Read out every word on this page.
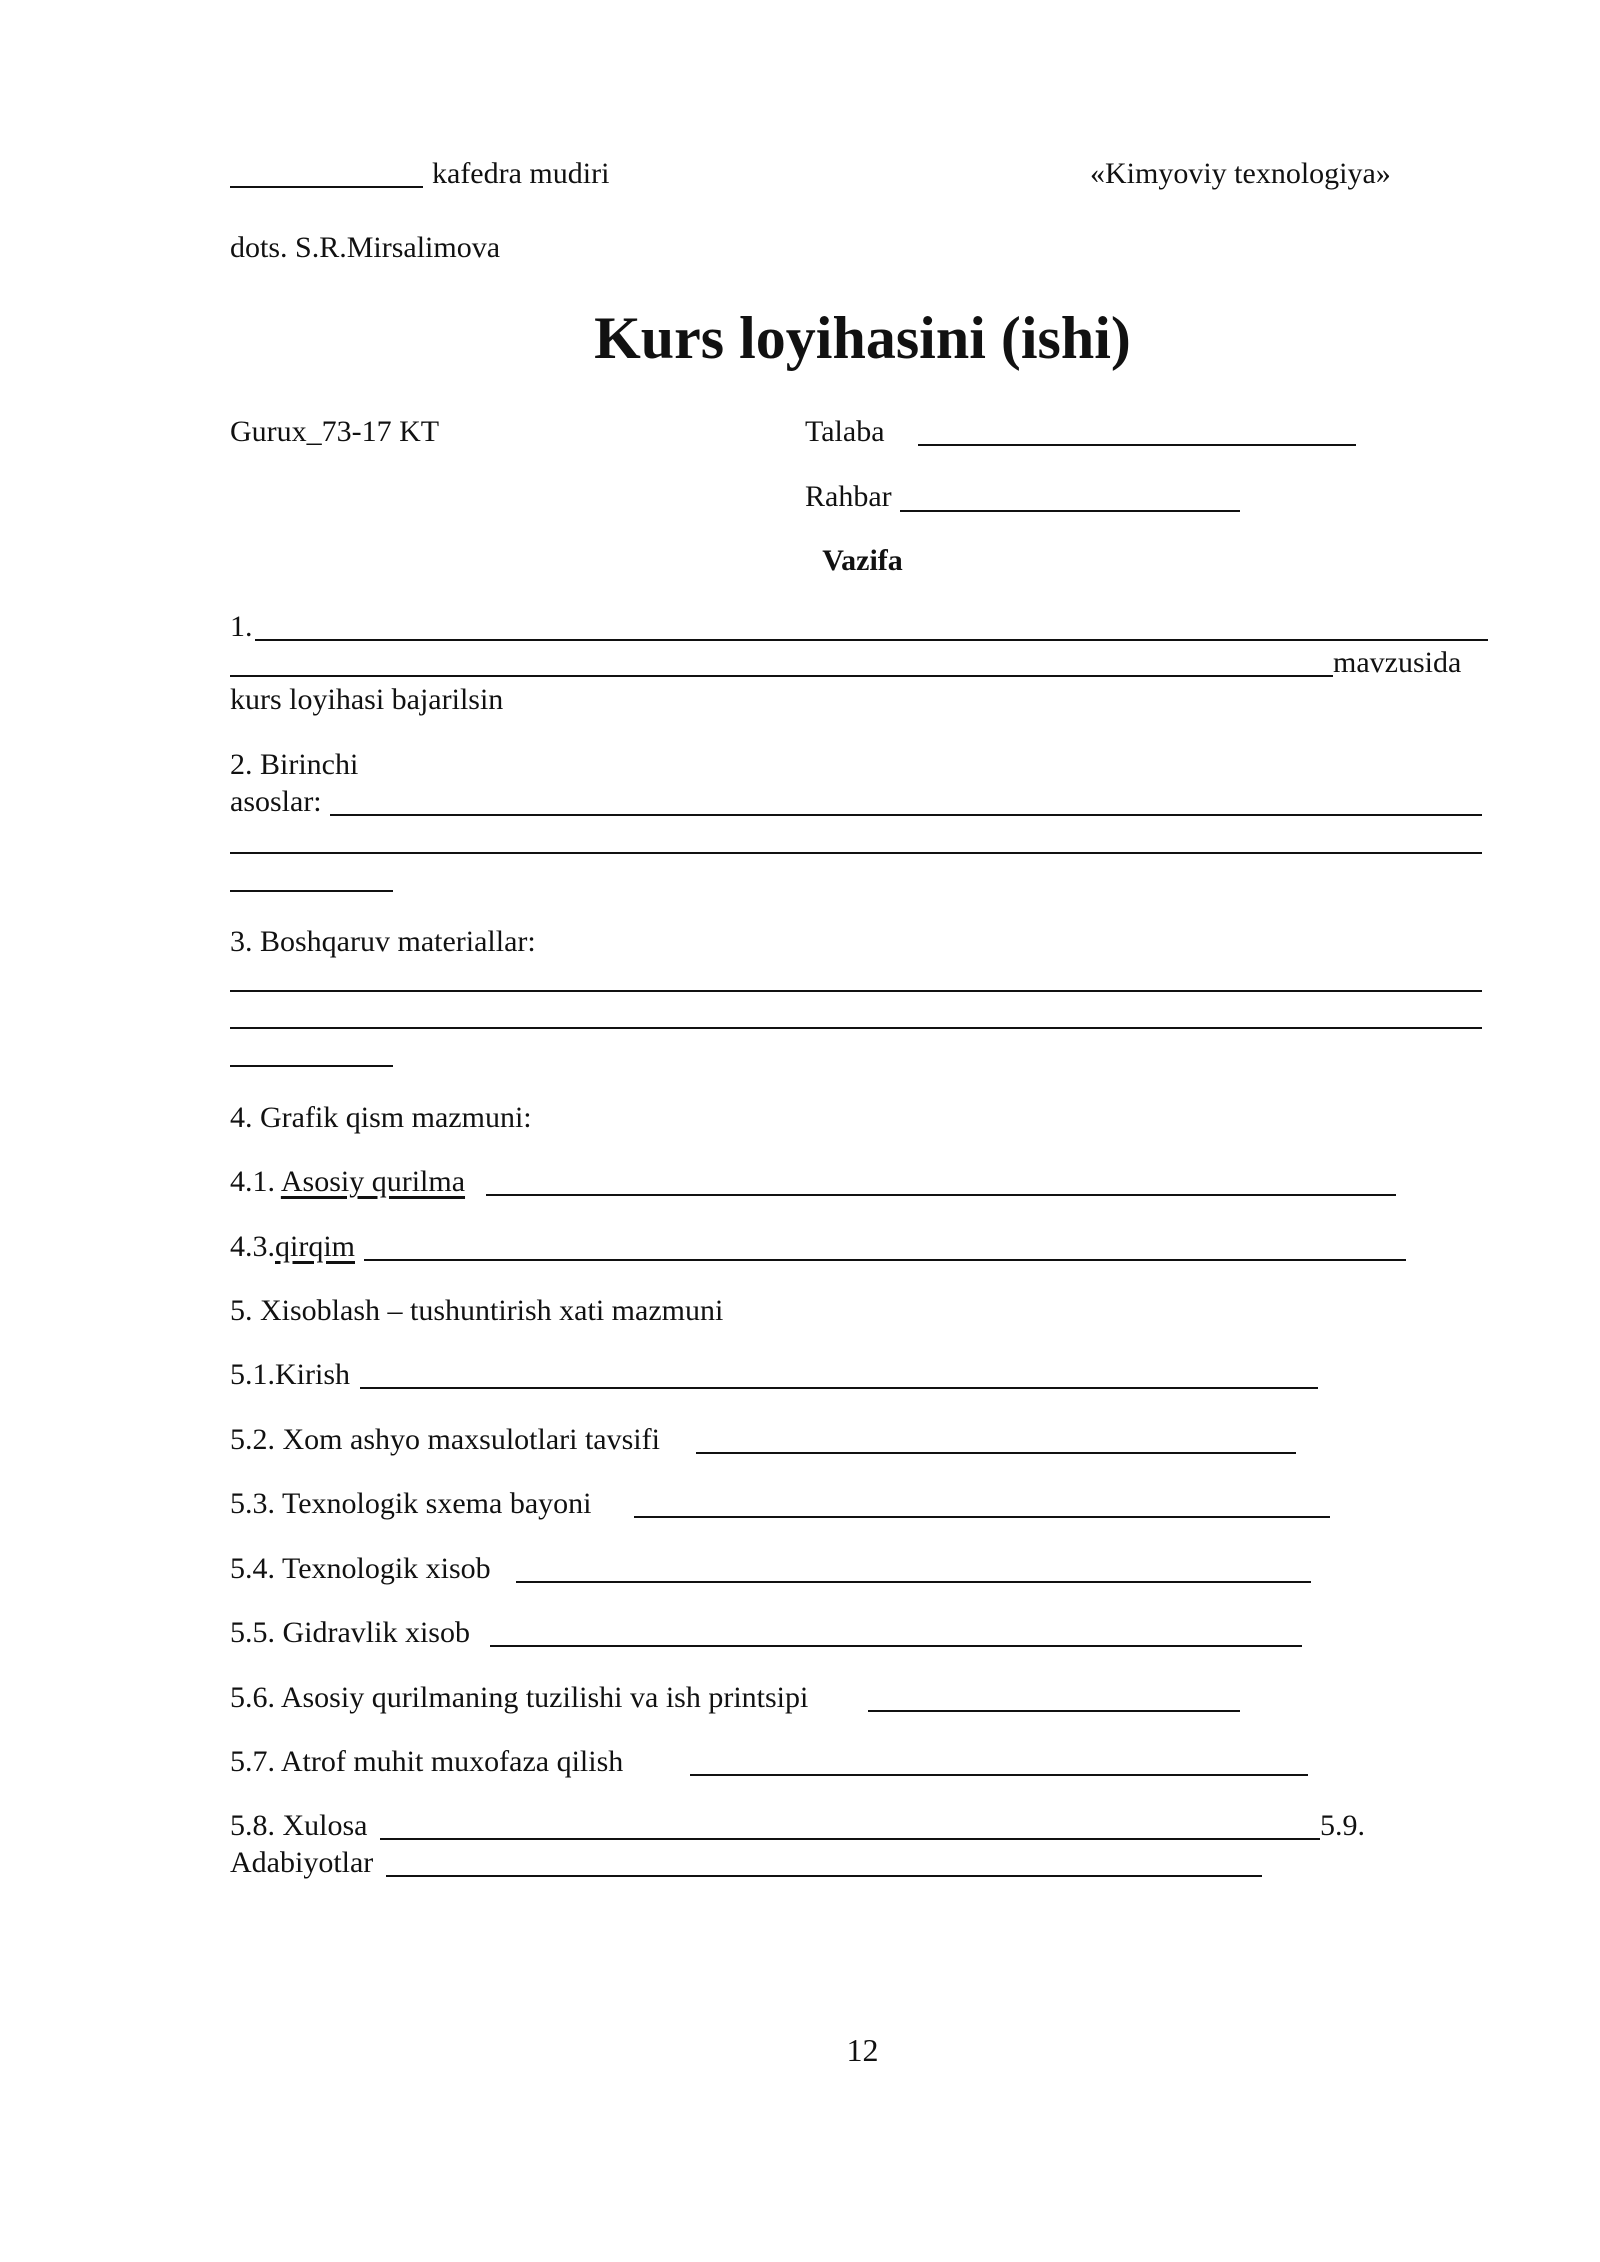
kafedra mudiri	«Kimyoviy texnologiya»
dots. S.R.Mirsalimova
Kurs loyihasini (ishi)
Gurux_73-17 KT	Talaba
Rahbar
Vazifa
1.
mavzusida
kurs loyihasi bajarilsin
2. Birinchi
asoslar:
3. Boshqaruv materiallar:
4. Grafik qism mazmuni:
4.1. Asosiy qurilma
4.3.qirqim
5. Xisoblash – tushuntirish xati mazmuni
5.1.Kirish
5.2. Xom ashyo maxsulotlari tavsifi
5.3. Texnologik sxema bayoni
5.4. Texnologik xisob
5.5. Gidravlik xisob
5.6. Asosiy qurilmaning tuzilishi va ish printsipi
5.7. Atrof muhit muxofaza qilish
5.8. Xulosa	5.9.
Adabiyotlar
12
